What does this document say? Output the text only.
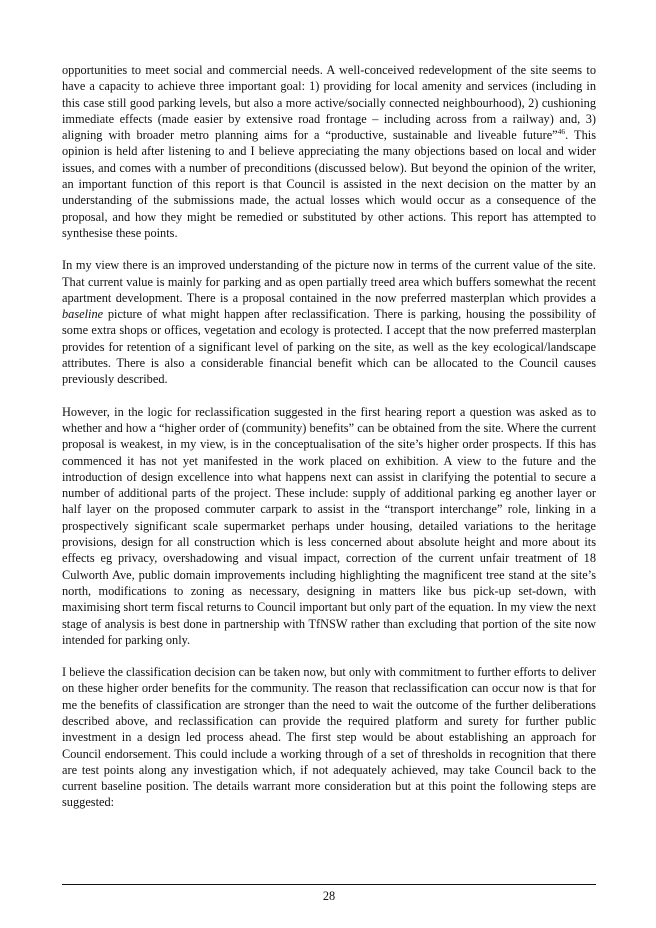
opportunities to meet social and commercial needs. A well-conceived redevelopment of the site seems to have a capacity to achieve three important goal: 1) providing for local amenity and services (including in this case still good parking levels, but also a more active/socially connected neighbourhood), 2) cushioning immediate effects (made easier by extensive road frontage – including across from a railway) and, 3) aligning with broader metro planning aims for a “productive, sustainable and liveable future”$^{46}$. This opinion is held after listening to and I believe appreciating the many objections based on local and wider issues, and comes with a number of preconditions (discussed below). But beyond the opinion of the writer, an important function of this report is that Council is assisted in the next decision on the matter by an understanding of the submissions made, the actual losses which would occur as a consequence of the proposal, and how they might be remedied or substituted by other actions. This report has attempted to synthesise these points.

In my view there is an improved understanding of the picture now in terms of the current value of the site. That current value is mainly for parking and as open partially treed area which buffers somewhat the recent apartment development. There is a proposal contained in the now preferred masterplan which provides a baseline picture of what might happen after reclassification. There is parking, housing the possibility of some extra shops or offices, vegetation and ecology is protected. I accept that the now preferred masterplan provides for retention of a significant level of parking on the site, as well as the key ecological/landscape attributes. There is also a considerable financial benefit which can be allocated to the Council causes previously described.

However, in the logic for reclassification suggested in the first hearing report a question was asked as to whether and how a “higher order of (community) benefits” can be obtained from the site. Where the current proposal is weakest, in my view, is in the conceptualisation of the site’s higher order prospects. If this has commenced it has not yet manifested in the work placed on exhibition. A view to the future and the introduction of design excellence into what happens next can assist in clarifying the potential to secure a number of additional parts of the project. These include: supply of additional parking eg another layer or half layer on the proposed commuter carpark to assist in the “transport interchange” role, linking in a prospectively significant scale supermarket perhaps under housing, detailed variations to the heritage provisions, design for all construction which is less concerned about absolute height and more about its effects eg privacy, overshadowing and visual impact, correction of the current unfair treatment of 18 Culworth Ave, public domain improvements including highlighting the magnificent tree stand at the site’s north, modifications to zoning as necessary, designing in matters like bus pick-up set-down, with maximising short term fiscal returns to Council important but only part of the equation. In my view the next stage of analysis is best done in partnership with TfNSW rather than excluding that portion of the site now intended for parking only.

I believe the classification decision can be taken now, but only with commitment to further efforts to deliver on these higher order benefits for the community. The reason that reclassification can occur now is that for me the benefits of classification are stronger than the need to wait the outcome of the further deliberations described above, and reclassification can provide the required platform and surety for further public investment in a design led process ahead. The first step would be about establishing an approach for Council endorsement. This could include a working through of a set of thresholds in recognition that there are test points along any investigation which, if not adequately achieved, may take Council back to the current baseline position. The details warrant more consideration but at this point the following steps are suggested:

28
